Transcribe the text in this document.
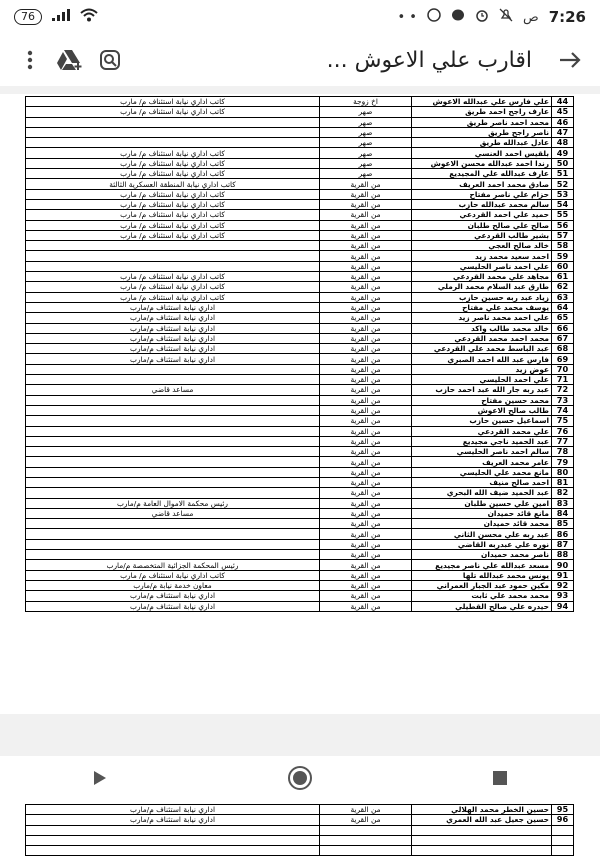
76	• •	ص 7:26
اقارب علي الاعوش ...
44	علي فارس علي عبدالله الاعوش	اخ زوجة	كاتب اداري نيابة استئناف م/ مارب
45	عارف راجح احمد طريق	صهر	كاتب اداري نيابة استئناف م/ مارب
46	محمد احمد ناصر طريق	صهر	
47	ناصر راجح طريق	صهر	
48	عادل عبدالله طريق	صهر	
49	بلقيس احمد العنسي	صهر	كاتب اداري نيابة استئناف م/ مارب
50	رندا احمد عبدالله محسن الاعوش	صهر	كاتب اداري نيابة استئناف م/ مارب
51	عارف عبدالله علي المجيديع	صهر	كاتب اداري نيابة استئناف م/ مارب
52	صادق محمد احمد العريف	من القرية	كاتب اداري نيابة المنطقة العسكرية الثالثة
53	حزام علي ناصر مفتاح	من القرية	كاتب اداري نيابة استئناف م/ مارب
54	سالم محمد عبدالله حازب	من القرية	كاتب اداري نيابة استئناف م/ مارب
55	حميد علي احمد القردعي	من القرية	كاتب اداري نيابة استئناف م/ مارب
56	صالح علي صالح طلبان	من القرية	كاتب اداري نيابة استئناف م/ مارب
57	بشير طالب القردعي	من القرية	كاتب اداري نيابة استئناف م/ مارب
58	خالد صالح العجي	من القرية	
59	احمد سعيد محمد زيد	من القرية	
60	علي احمد ناصر الحليسي	من القرية	
61	مجاهد علي محمد القردعي	من القرية	كاتب اداري نيابة استئناف م/ مارب
62	طارق عبد السلام محمد الرملي	من القرية	كاتب اداري نيابة استئناف م/ مارب
63	زياد عبد ربه حسين حازب	من القرية	كاتب اداري نيابة استئناف م/ مارب
64	يوسف محمد علي مفتاح	من القرية	اداري نيابة استئناف م/مارب
65	علي احمد محمد ناصر زيد	من القرية	اداري نيابة استئناف م/مارب
66	خالد محمد طالب واكد	من القرية	اداري نيابة استئناف م/مارب
67	محمد احمد محمد القردعي	من القرية	اداري نيابة استئناف م/مارب
68	عبد الباسط محمد علي القردعي	من القرية	اداري نيابة استئناف م/مارب
69	فارس عبد الله احمد الصبري	من القرية	اداري نيابة استئناف م/مارب
70	عوض زيد	من القرية	
71	علي احمد الحليسي	من القرية	
72	عبد ربه جار الله عبد احمد حازب	من القرية	مساعد قاضي
73	محمد حسين مفتاح	من القرية	
74	طالب صالح الاعوش	من القرية	
75	اسماعيل حسين حازب	من القرية	
76	علي محمد القردعي	من القرية	
77	عبد الحميد ناجي مجيديع	من القرية	
78	سالم احمد ناصر الحليسي	من القرية	
79	عامر محمد العريف	من القرية	
80	مانع محمد علي الحليسي	من القرية	
81	احمد صالح منيف	من القرية	
82	عبد الحميد ضيف الله البحري	من القرية	
83	امين علي حسين طلبان	من القرية	رئيس محكمة الاموال العامة م/مارب
84	مانع قائد حميدان	من القرية	مساعد قاضي
85	محمد قائد حميدان	من القرية	
86	عبد ربه علي محسن الثاني	من القرية	
87	نوره علي عبدربه القاضي	من القرية	
88	ناصر محمد حميدان	من القرية	
90	مسعد عبدالله علي ناصر مجيديع	من القرية	رئيس المحكمة الجزائية المتخصصة م/مارب
91	يونس محمد عبدالله تلها	من القرية	كاتب اداري نيابة استئناف م/ مارب
92	مكين حمود عبد الجبار العمراني	من القرية	معاون خدمة نيابة م/مارب
93	محمد محمد علي ثابت	من القرية	اداري نيابة استئناف م/مارب
94	حيدره علي صالح القطيلي	من القرية	اداري نيابة استئناف م/مارب
95	حسين الخطر محمد الهلالي	من القرية	اداري نيابة استئناف م/مارب
96	حسين جعيل عبد الله العمري	من القرية	اداري نيابة استئناف م/مارب
